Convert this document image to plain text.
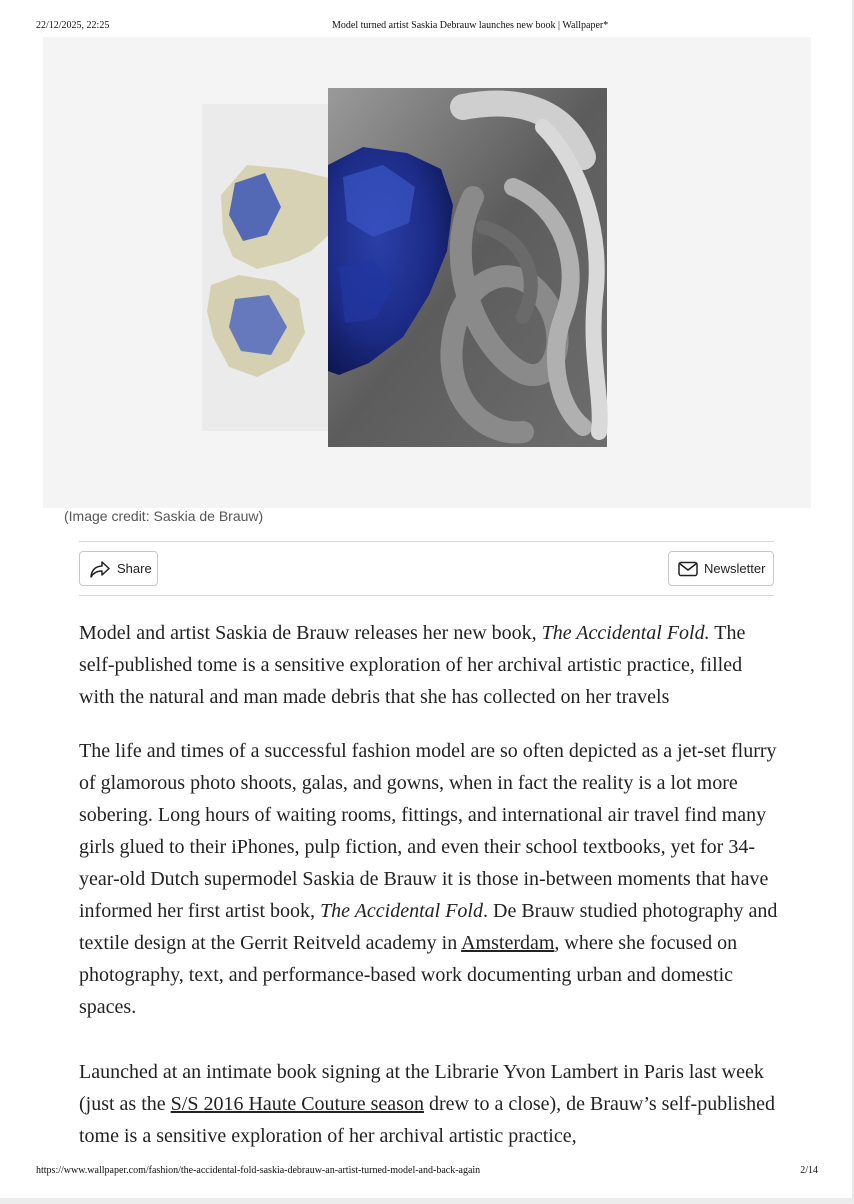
22/12/2025, 22:25	Model turned artist Saskia Debrauw launches new book | Wallpaper*
(Image credit: Saskia de Brauw)
Share	Newsletter

Model and artist Saskia de Brauw releases her new book, The Accidental Fold. The self-published tome is a sensitive exploration of her archival artistic practice, filled with the natural and man made debris that she has collected on her travels

The life and times of a successful fashion model are so often depicted as a jet-set flurry of glamorous photo shoots, galas, and gowns, when in fact the reality is a lot more sobering. Long hours of waiting rooms, fittings, and international air travel find many girls glued to their iPhones, pulp fiction, and even their school textbooks, yet for 34-year-old Dutch supermodel Saskia de Brauw it is those in-between moments that have informed her first artist book, The Accidental Fold. De Brauw studied photography and textile design at the Gerrit Reitveld academy in Amsterdam, where she focused on photography, text, and performance-based work documenting urban and domestic spaces.

Launched at an intimate book signing at the Librarie Yvon Lambert in Paris last week (just as the S/S 2016 Haute Couture season drew to a close), de Brauw’s self-published tome is a sensitive exploration of her archival artistic practice,

https://www.wallpaper.com/fashion/the-accidental-fold-saskia-debrauw-an-artist-turned-model-and-back-again	2/14
